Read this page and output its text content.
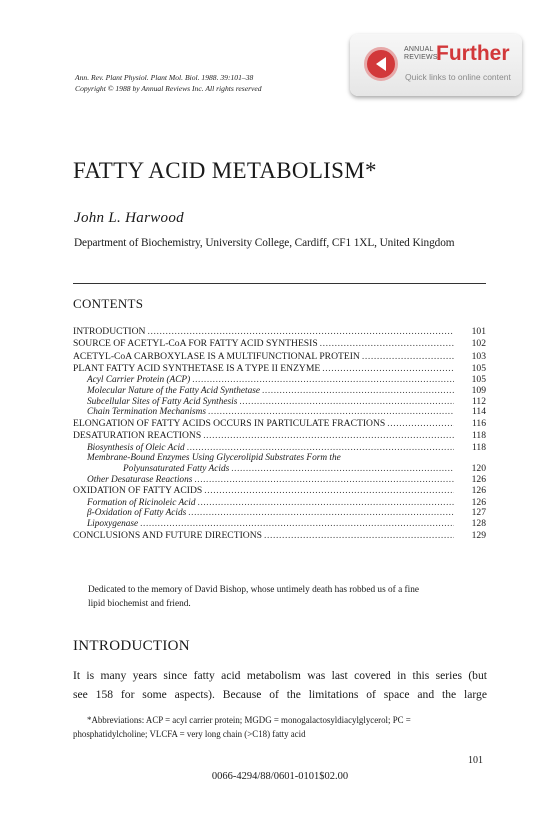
Ann. Rev. Plant Physiol. Plant Mol. Biol. 1988. 39:101–38
Copyright © 1988 by Annual Reviews Inc. All rights reserved
ANNUAL
REVIEWS
Further
Quick links to online content
FATTY ACID METABOLISM*
John L. Harwood
Department of Biochemistry, University College, Cardiff, CF1 1XL, United Kingdom
CONTENTS
INTRODUCTION .....	101
SOURCE OF ACETYL-CoA FOR FATTY ACID SYNTHESIS .....	102
ACETYL-CoA CARBOXYLASE IS A MULTIFUNCTIONAL PROTEIN .....	103
PLANT FATTY ACID SYNTHETASE IS A TYPE II ENZYME .....	105
Acyl Carrier Protein (ACP) .....	105
Molecular Nature of the Fatty Acid Synthetase .....	109
Subcellular Sites of Fatty Acid Synthesis .....	112
Chain Termination Mechanisms .....	114
ELONGATION OF FATTY ACIDS OCCURS IN PARTICULATE FRACTIONS .....	116
DESATURATION REACTIONS .....	118
Biosynthesis of Oleic Acid .....	118
Membrane-Bound Enzymes Using Glycerolipid Substrates Form the
Polyunsaturated Fatty Acids .....	120
Other Desaturase Reactions .....	126
OXIDATION OF FATTY ACIDS .....	126
Formation of Ricinoleic Acid .....	126
β-Oxidation of Fatty Acids .....	127
Lipoxygenase .....	128
CONCLUSIONS AND FUTURE DIRECTIONS .....	129
Dedicated to the memory of David Bishop, whose untimely death has robbed us of a fine
lipid biochemist and friend.
INTRODUCTION
It is many years since fatty acid metabolism was last covered in this series (but
see 158 for some aspects). Because of the limitations of space and the large
*Abbreviations: ACP = acyl carrier protein; MGDG = monogalactosyldiacylglycerol; PC =
phosphatidylcholine; VLCFA = very long chain (>C18) fatty acid
101
0066-4294/88/0601-0101$02.00
